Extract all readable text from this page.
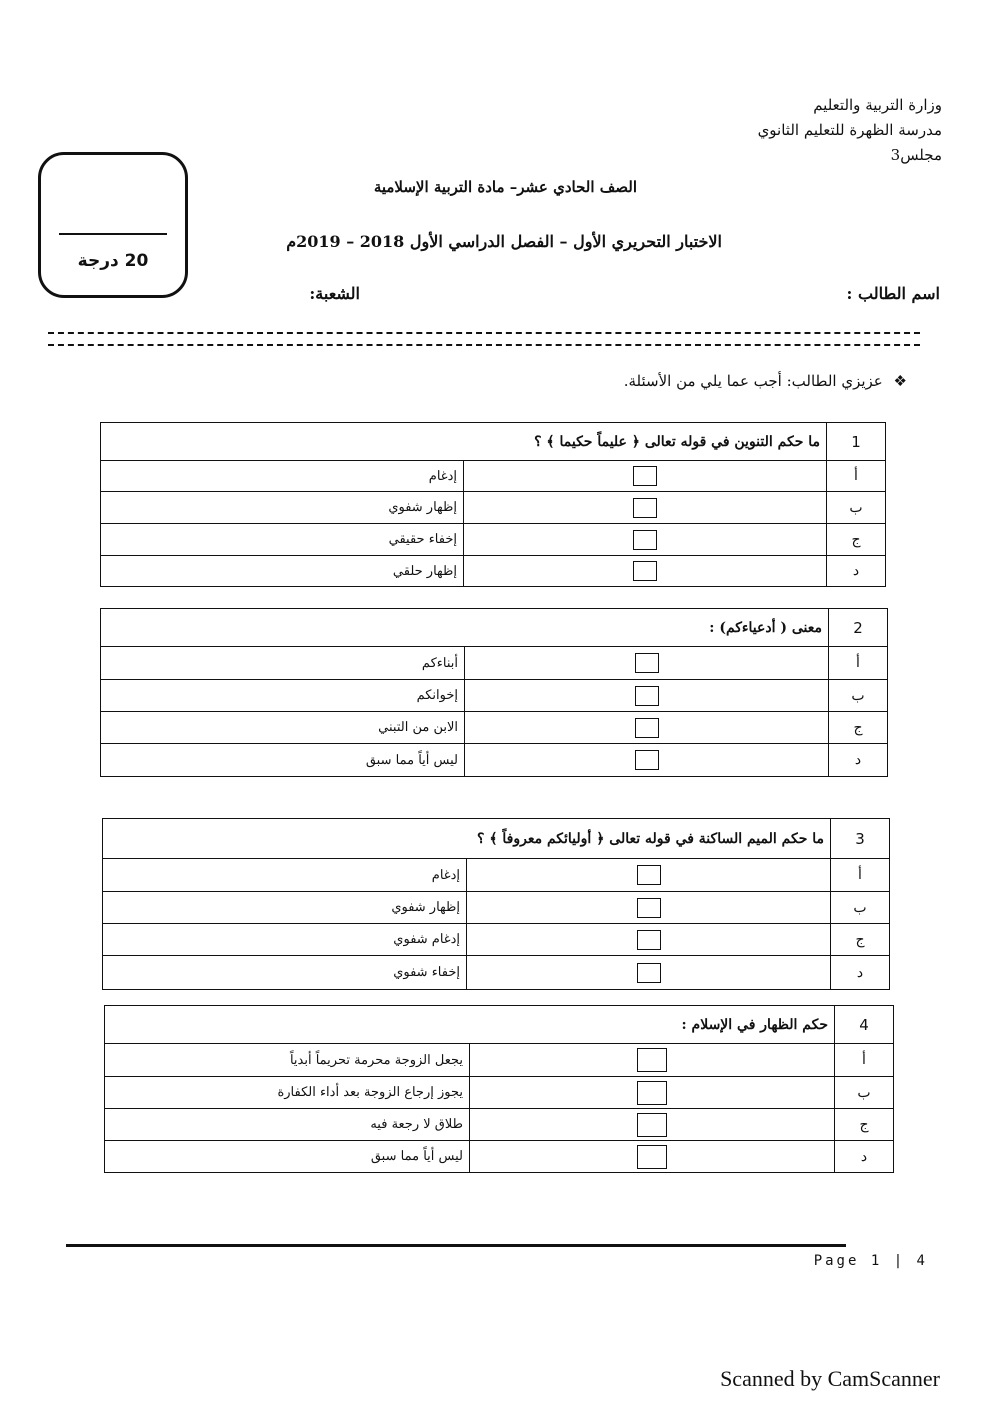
وزارة التربية والتعليم
مدرسة الظهرة للتعليم الثانوي
مجلس3
20 درجة
الصف الحادي عشر– مادة التربية الإسلامية
الاختبار التحريري الأول – الفصل الدراسي الأول 2018 – 2019م
اسم الطالب :
الشعبة:
❖ عزيزي الطالب: أجب عما يلي من الأسئلة.
1	ما حكم التنوين في قوله تعالى ﴿ عليماً حكيما ﴾ ؟	
أ		إدغام
ب		إظهار شفوي
ج		إخفاء حقيقي
د		إظهار حلقي
2	معنى ( أدعياءكم) :	
أ		أبناءكم
ب		إخوانكم
ج		الابن من التبني
د		ليس أياً مما سبق
3	ما حكم الميم الساكنة في قوله تعالى ﴿ أوليائكم معروفاً ﴾ ؟	
أ		إدغام
ب		إظهار شفوي
ج		إدغام شفوي
د		إخفاء شفوي
4	حكم الظهار في الإسلام :	
أ		يجعل الزوجة محرمة تحريماً أبدياً
ب		يجوز إرجاع الزوجة بعد أداء الكفارة
ج		طلاق لا رجعة فيه
د		ليس أياً مما سبق
Page 1 | 4
Scanned by CamScanner
